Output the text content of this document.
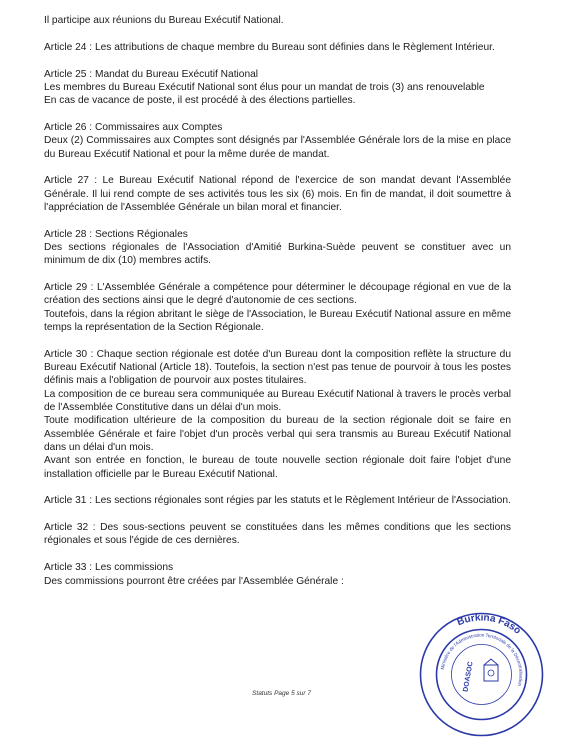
Il participe aux réunions du Bureau Exécutif National.

Article 24 : Les attributions de chaque membre du Bureau sont définies dans le Règlement Intérieur.

Article 25 : Mandat du Bureau Exécutif National
Les membres du Bureau Exécutif National sont élus pour un mandat de trois (3) ans renouvelable
En cas de vacance de poste, il est procédé à des élections partielles.

Article 26 : Commissaires aux Comptes
Deux (2) Commissaires aux Comptes sont désignés par l'Assemblée Générale lors de la mise en place du Bureau Exécutif National et pour la même durée de mandat.

Article 27 : Le Bureau Exécutif National répond de l'exercice de son mandat devant l'Assemblée Générale. Il lui rend compte de ses activités tous les six (6) mois. En fin de mandat, il doit soumettre à l'appréciation de l'Assemblée Générale un bilan moral et financier.

Article 28 : Sections Régionales
Des sections régionales de l'Association d'Amitié Burkina-Suède peuvent se constituer avec un minimum de dix (10) membres actifs.

Article 29 : L'Assemblée Générale a compétence pour déterminer le découpage régional en vue de la création des sections ainsi que le degré d'autonomie de ces sections.
Toutefois, dans la région abritant le siège de l'Association, le Bureau Exécutif National assure en même temps la représentation de la Section Régionale.

Article 30 : Chaque section régionale est dotée d'un Bureau dont la composition reflète la structure du Bureau Exécutif National (Article 18). Toutefois, la section n'est pas tenue de pourvoir à tous les postes définis mais a l'obligation de pourvoir aux postes titulaires.
La composition de ce bureau sera communiquée au Bureau Exécutif National à travers le procès verbal de l'Assemblée Constitutive dans un délai d'un mois.
Toute modification ultérieure de la composition du bureau de la section régionale doit se faire en Assemblée Générale et faire l'objet d'un procès verbal qui sera transmis au Bureau Exécutif National dans un délai d'un mois.
Avant son entrée en fonction, le bureau de toute nouvelle section régionale doit faire l'objet d'une installation officielle par le Bureau Exécutif National.

Article 31 : Les sections régionales sont régies par les statuts et le Règlement Intérieur de l'Association.

Article 32 : Des sous-sections peuvent se constituées dans les mêmes conditions que les sections régionales et sous l'égide de ces dernières.

Article 33 : Les commissions
Des commissions pourront être créées par l'Assemblée Générale :

Statuts Page 5 sur 7
Burkina Faso
Ministère de l'Administration Territoriale de la Décentralisation
DOASOC
